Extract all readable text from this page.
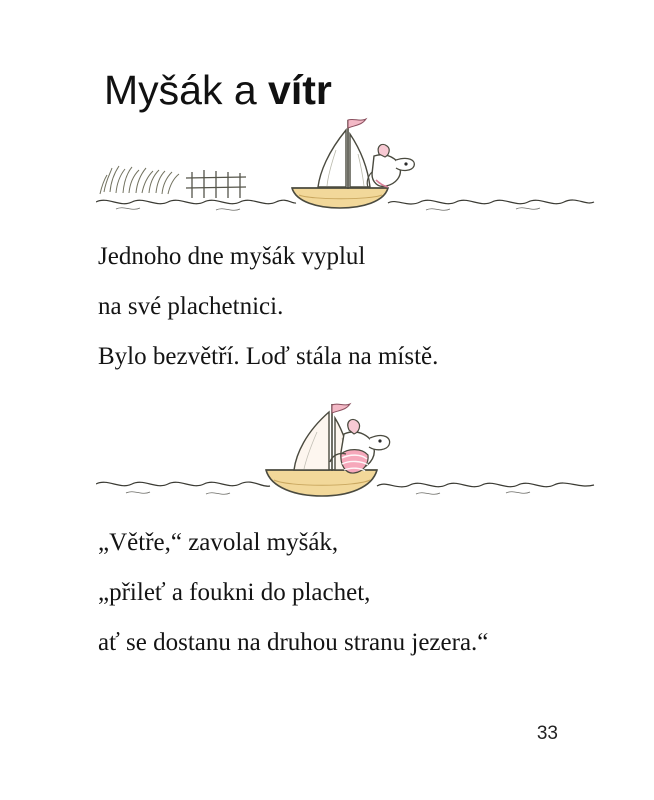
Myšák a vítr
Jednoho dne myšák vyplul
na své plachetnici.
Bylo bezvětří. Loď stála na místě.
„Větře,“ zavolal myšák,
„přileť a foukni do plachet,
ať se dostanu na druhou stranu jezera.“
33
